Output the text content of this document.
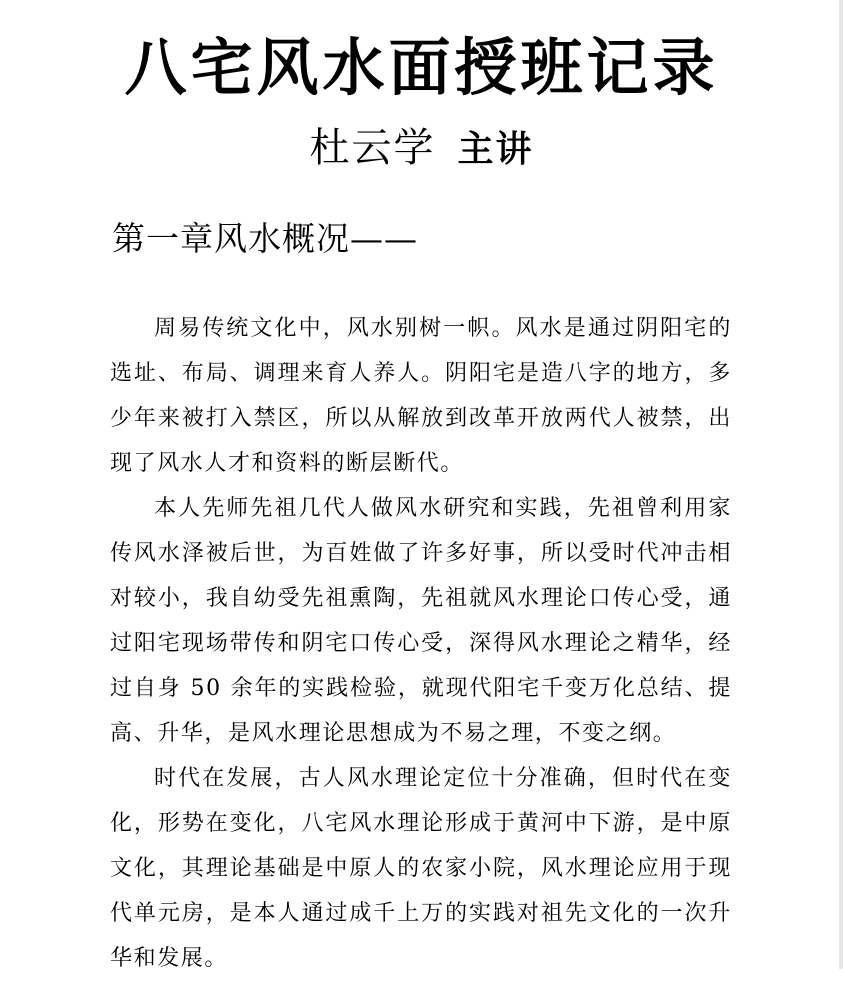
八宅风水面授班记录
杜云学 主讲
第一章风水概况——

周易传统文化中，风水别树一帜。风水是通过阴阳宅的选址、布局、调理来育人养人。阴阳宅是造八字的地方，多少年来被打入禁区，所以从解放到改革开放两代人被禁，出现了风水人才和资料的断层断代。

本人先师先祖几代人做风水研究和实践，先祖曾利用家传风水泽被后世，为百姓做了许多好事，所以受时代冲击相对较小，我自幼受先祖熏陶，先祖就风水理论口传心受，通过阳宅现场带传和阴宅口传心受，深得风水理论之精华，经过自身 50 余年的实践检验，就现代阳宅千变万化总结、提高、升华，是风水理论思想成为不易之理，不变之纲。

时代在发展，古人风水理论定位十分准确，但时代在变化，形势在变化，八宅风水理论形成于黄河中下游，是中原文化，其理论基础是中原人的农家小院，风水理论应用于现代单元房，是本人通过成千上万的实践对祖先文化的一次升华和发展。
